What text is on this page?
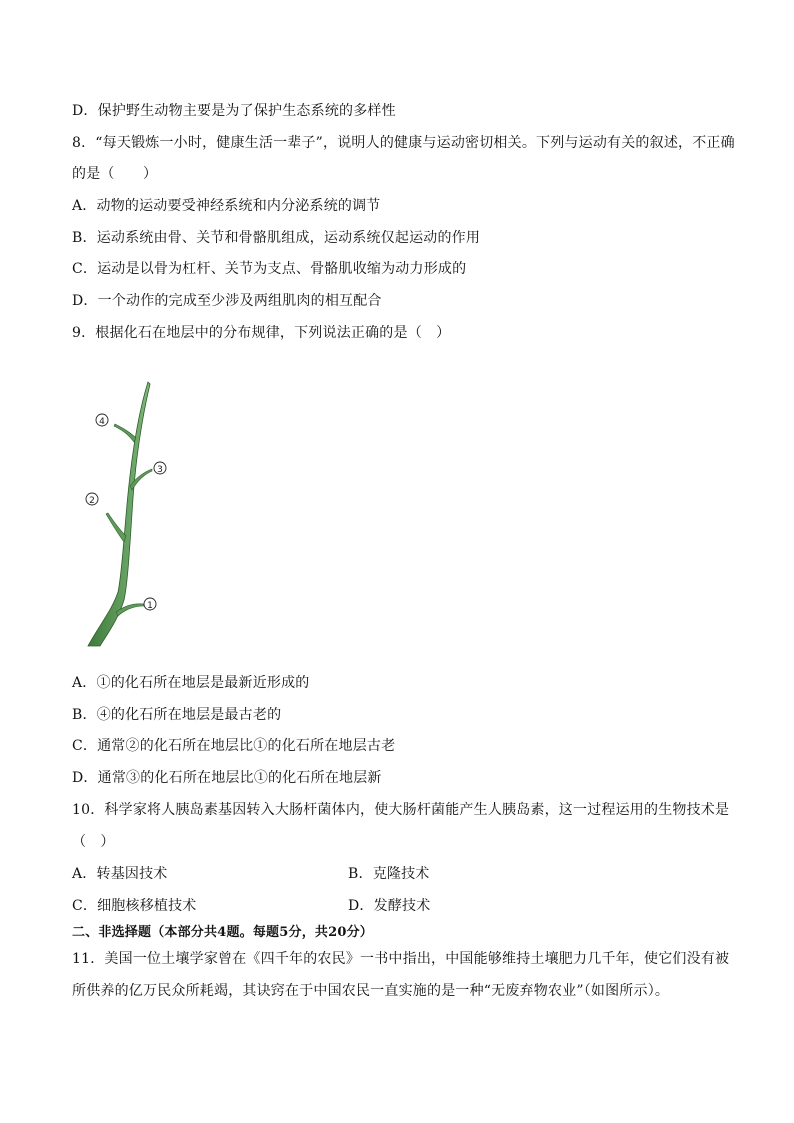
D．保护野生动物主要是为了保护生态系统的多样性
8．“每天锻炼一小时，健康生活一辈子”，说明人的健康与运动密切相关。下列与运动有关的叙述，不正确
的是（　　）
A．动物的运动要受神经系统和内分泌系统的调节
B．运动系统由骨、关节和骨骼肌组成，运动系统仅起运动的作用
C．运动是以骨为杠杆、关节为支点、骨骼肌收缩为动力形成的
D．一个动作的完成至少涉及两组肌肉的相互配合
9．根据化石在地层中的分布规律，下列说法正确的是（　）
1
2
3
4
A．①的化石所在地层是最新近形成的
B．④的化石所在地层是最古老的
C．通常②的化石所在地层比①的化石所在地层古老
D．通常③的化石所在地层比①的化石所在地层新
10．科学家将人胰岛素基因转入大肠杆菌体内，使大肠杆菌能产生人胰岛素，这一过程运用的生物技术是
（　）
A．转基因技术	B．克隆技术
C．细胞核移植技术	D．发酵技术
二、非选择题（本部分共4题。每题5分，共20分）
11．美国一位土壤学家曾在《四千年的农民》一书中指出，中国能够维持土壤肥力几千年，使它们没有被
所供养的亿万民众所耗竭，其诀窍在于中国农民一直实施的是一种“无废弃物农业”（如图所示）。
